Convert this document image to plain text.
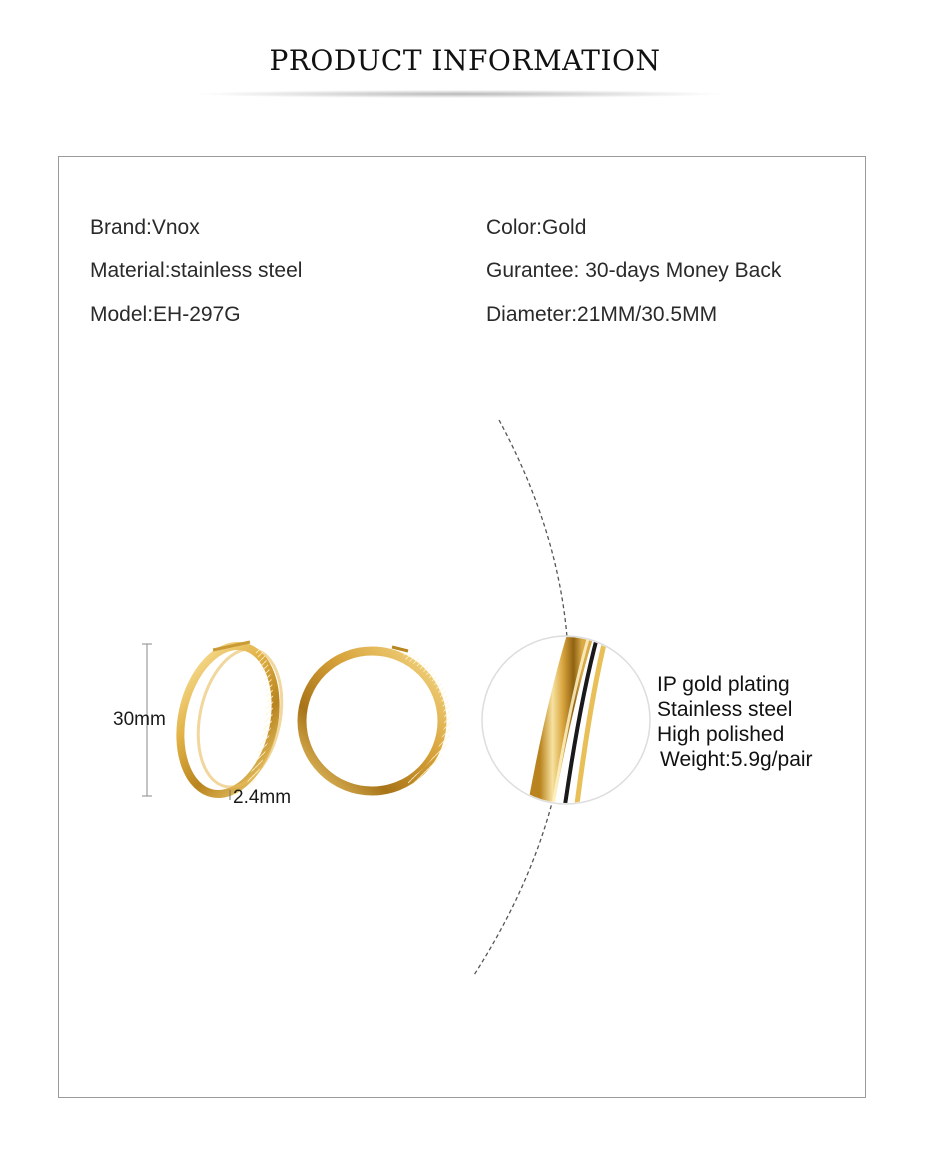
PRODUCT INFORMATION
Brand:Vnox
Material:stainless steel
Model:EH-297G
Color:Gold
Gurantee: 30-days Money Back
Diameter:21MM/30.5MM
30mm
2.4mm
IP gold plating
Stainless steel
High polished
Weight:5.9g/pair
